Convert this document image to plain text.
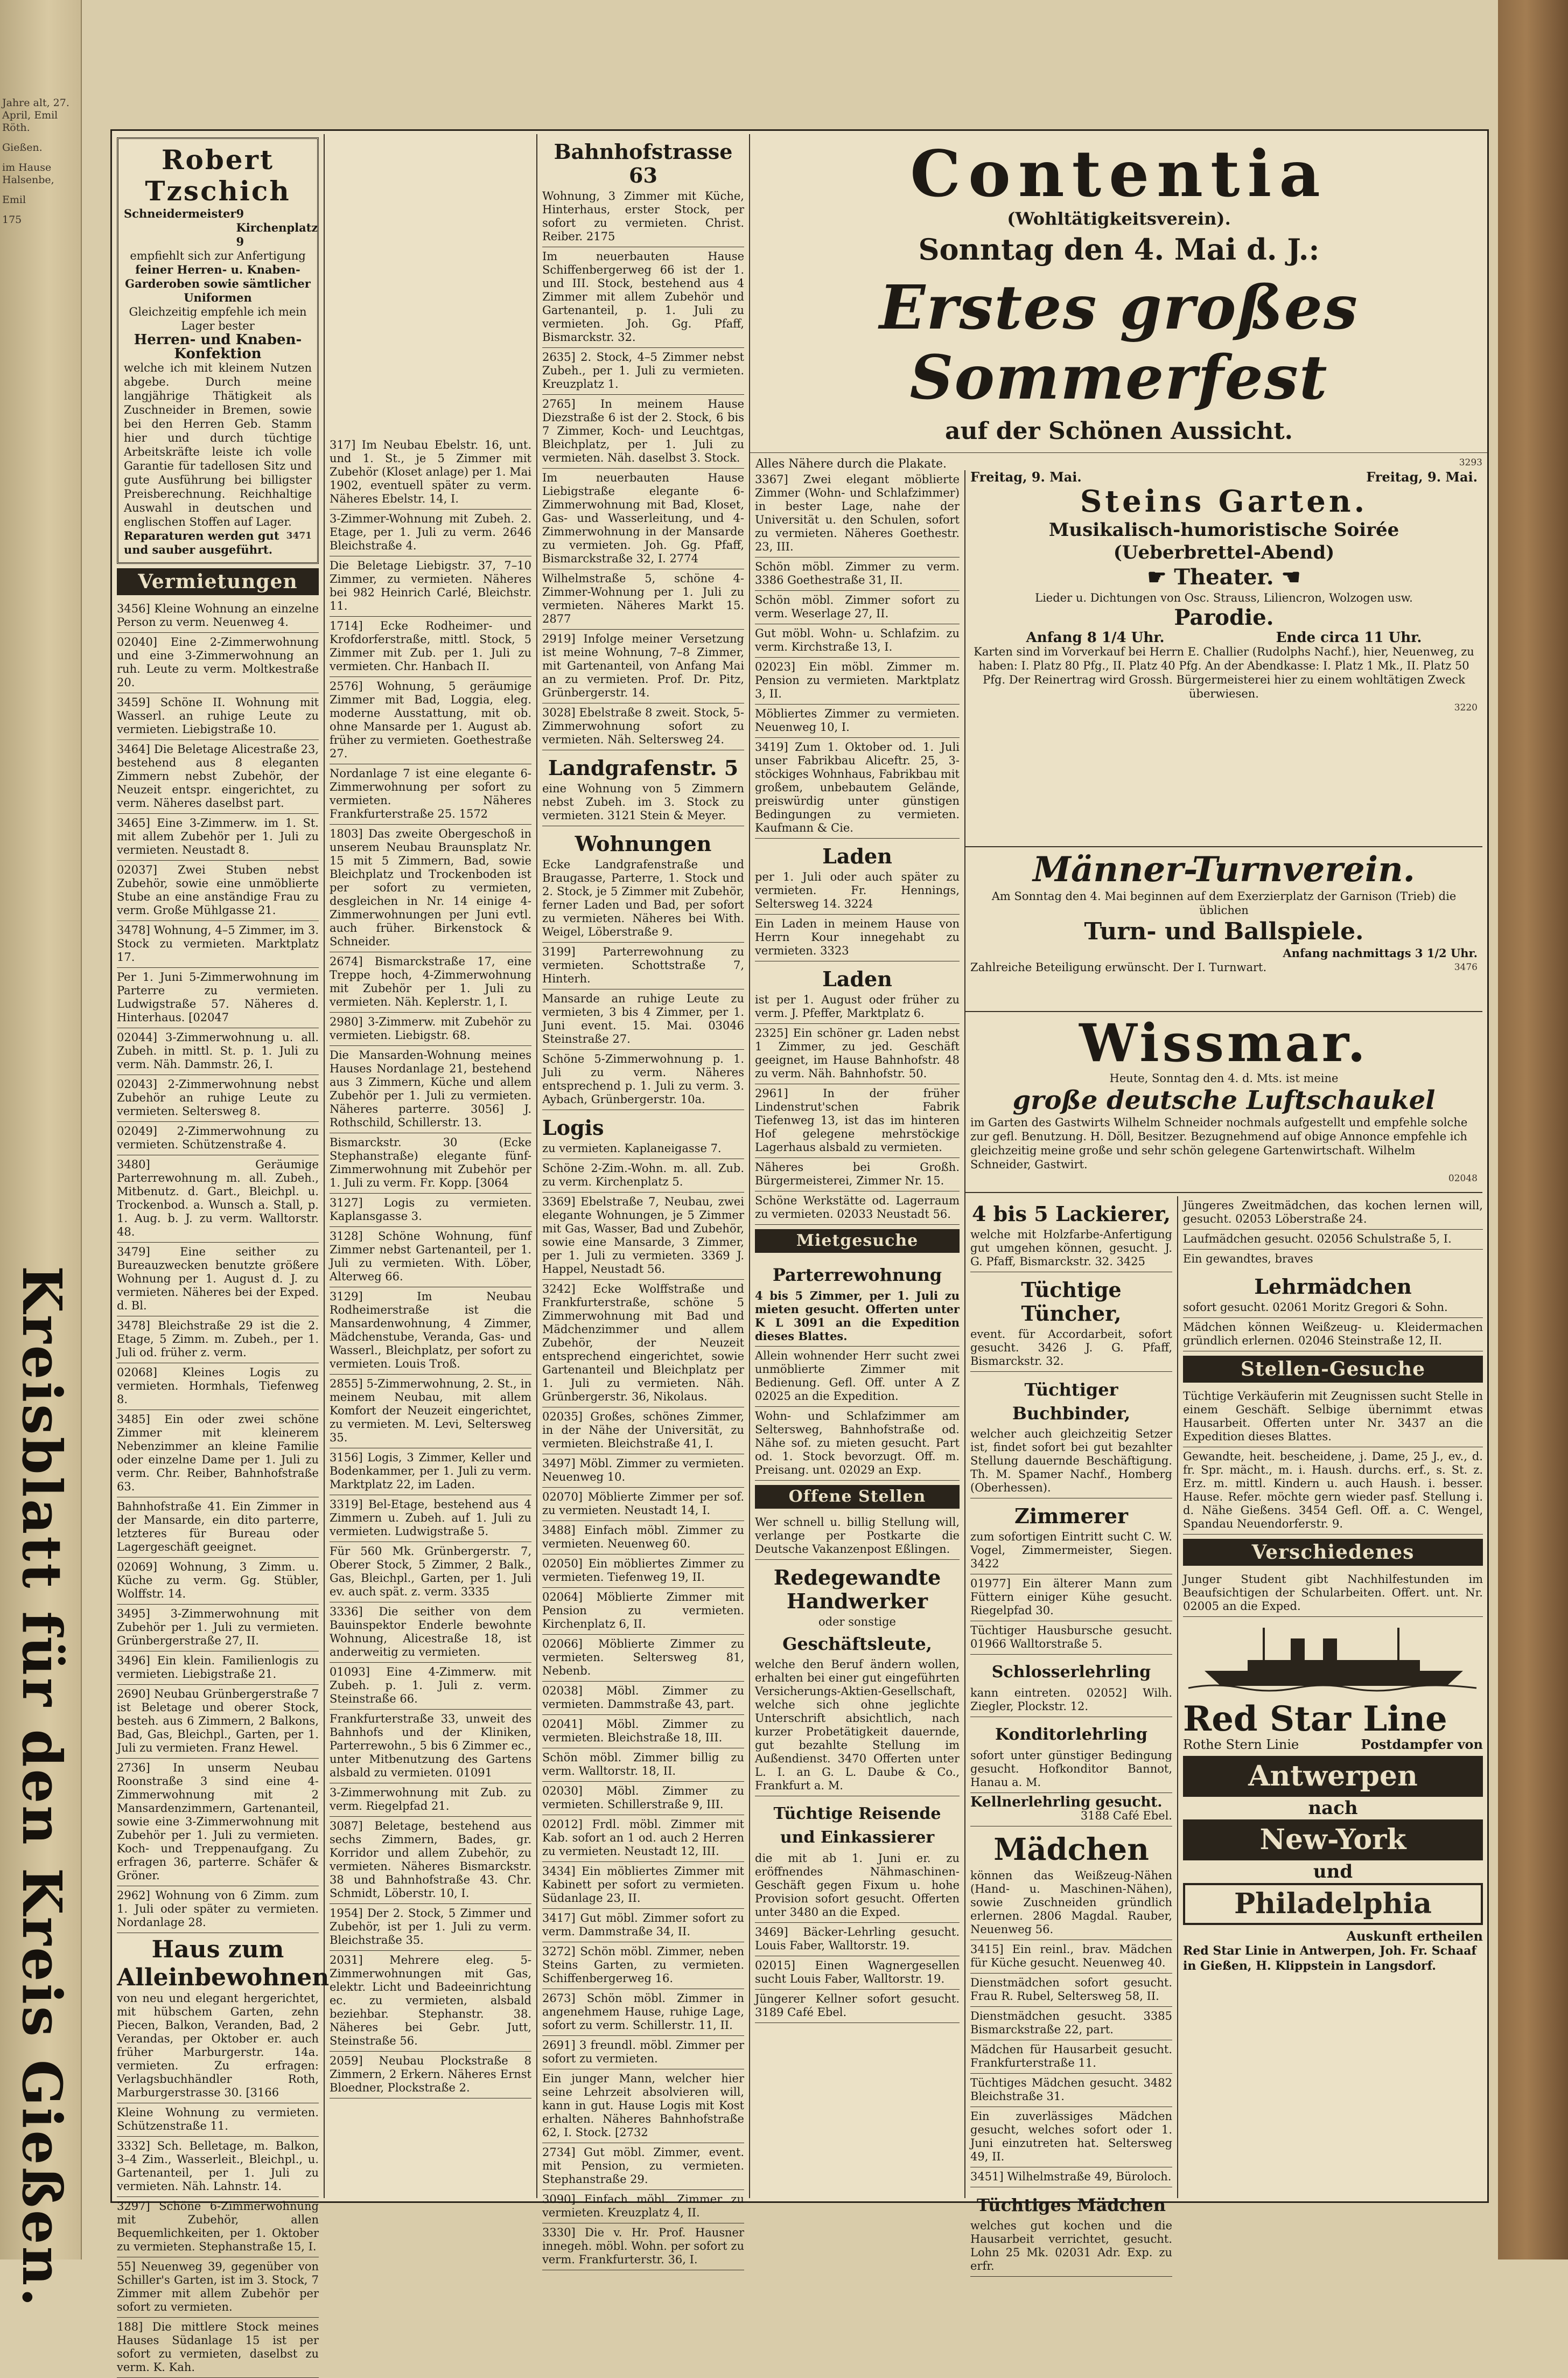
Jahre alt, 27. April, Emil Röth.
Gießen.
im Hause Halsenbe,
Emil
175
Kreisblatt für den Kreis Gießen.
Robert Tzschich
Schneidermeister 9 Kirchenplatz 9
empfiehlt sich zur Anfertigung
feiner Herren- u. Knaben-Garderoben sowie sämtlicher Uniformen
Gleichzeitig empfehle ich mein Lager bester
Herren- und Knaben-Konfektion
welche ich mit kleinem Nutzen abgebe. Durch meine langjährige Thätigkeit als Zuschneider in Bremen, sowie bei den Herren Geb. Stamm hier und durch tüchtige Arbeitskräfte leiste ich volle Garantie für tadellosen Sitz und gute Ausführung bei billigster Preisberechnung. Reichhaltige Auswahl in deutschen und englischen Stoffen auf Lager.
Reparaturen werden gut und sauber ausgeführt.
3471
Vermietungen
3456] Kleine Wohnung an einzelne Person zu verm. Neuenweg 4.
02040] Eine 2-Zimmerwohnung und eine 3-Zimmerwohnung an ruh. Leute zu verm. Moltkestraße 20.
3459] Schöne II. Wohnung mit Wasserl. an ruhige Leute zu vermieten. Liebigstraße 10.
3464] Die Beletage Alicestraße 23, bestehend aus 8 eleganten Zimmern nebst Zubehör, der Neuzeit entspr. eingerichtet, zu verm. Näheres daselbst part.
3465] Eine 3-Zimmerw. im 1. St. mit allem Zubehör per 1. Juli zu vermieten. Neustadt 8.
02037] Zwei Stuben nebst Zubehör, sowie eine unmöblierte Stube an eine anständige Frau zu verm. Große Mühlgasse 21.
3478] Wohnung, 4–5 Zimmer, im 3. Stock zu vermieten. Marktplatz 17.
Per 1. Juni 5-Zimmerwohnung im Parterre zu vermieten. Ludwigstraße 57. Näheres d. Hinterhaus. [02047
02044] 3-Zimmerwohnung u. all. Zubeh. in mittl. St. p. 1. Juli zu verm. Näh. Dammstr. 26, I.
02043] 2-Zimmerwohnung nebst Zubehör an ruhige Leute zu vermieten. Seltersweg 8.
02049] 2-Zimmerwohnung zu vermieten. Schützenstraße 4.
3480] Geräumige Parterrewohnung m. all. Zubeh., Mitbenutz. d. Gart., Bleichpl. u. Trockenbod. a. Wunsch a. Stall, p. 1. Aug. b. J. zu verm. Walltorstr. 48.
3479] Eine seither zu Bureauzwecken benutzte größere Wohnung per 1. August d. J. zu vermieten. Näheres bei der Exped. d. Bl.
3478] Bleichstraße 29 ist die 2. Etage, 5 Zimm. m. Zubeh., per 1. Juli od. früher z. verm.
02068] Kleines Logis zu vermieten. Hormhals, Tiefenweg 8.
3485] Ein oder zwei schöne Zimmer mit kleinerem Nebenzimmer an kleine Familie oder einzelne Dame per 1. Juli zu verm. Chr. Reiber, Bahnhofstraße 63.
Bahnhofstraße 41. Ein Zimmer in der Mansarde, ein dito parterre, letzteres für Bureau oder Lagergeschäft geeignet.
02069] Wohnung, 3 Zimm. u. Küche zu verm. Gg. Stübler, Wolffstr. 14.
3495] 3-Zimmerwohnung mit Zubehör per 1. Juli zu vermieten. Grünbergerstraße 27, II.
3496] Ein klein. Familienlogis zu vermieten. Liebigstraße 21.
2690] Neubau Grünbergerstraße 7 ist Beletage und oberer Stock, besteh. aus 6 Zimmern, 2 Balkons, Bad, Gas, Bleichpl., Garten, per 1. Juli zu vermieten. Franz Hewel.
2736] In unserm Neubau Roonstraße 3 sind eine 4-Zimmerwohnung mit 2 Mansardenzimmern, Gartenanteil, sowie eine 3-Zimmerwohnung mit Zubehör per 1. Juli zu vermieten. Koch- und Treppenaufgang. Zu erfragen 36, parterre. Schäfer & Gröner.
2962] Wohnung von 6 Zimm. zum 1. Juli oder später zu vermieten. Nordanlage 28.
Haus zum Alleinbewohnen
von neu und elegant hergerichtet, mit hübschem Garten, zehn Piecen, Balkon, Veranden, Bad, 2 Verandas, per Oktober er. auch früher Marburgerstr. 14a. vermieten. Zu erfragen: Verlagsbuchhändler Roth, Marburgerstrasse 30. [3166
Kleine Wohnung zu vermieten. Schützenstraße 11.
3332] Sch. Belletage, m. Balkon, 3–4 Zim., Wasserleit., Bleichpl., u. Gartenanteil, per 1. Juli zu vermieten. Näh. Lahnstr. 14.
3297] Schöne 6-Zimmerwohnung mit Zubehör, allen Bequemlichkeiten, per 1. Oktober zu vermieten. Stephanstraße 15, I.
55] Neuenweg 39, gegenüber von Schiller's Garten, ist im 3. Stock, 7 Zimmer mit allem Zubehör per sofort zu vermieten.
188] Die mittlere Stock meines Hauses Südanlage 15 ist per sofort zu vermieten, daselbst zu verm. K. Kah.
317] Im Neubau Ebelstr. 16, unt. und 1. St., je 5 Zimmer mit Zubehör (Kloset anlage) per 1. Mai 1902, eventuell später zu verm. Näheres Ebelstr. 14, I.
3-Zimmer-Wohnung mit Zubeh. 2. Etage, per 1. Juli zu verm. 2646 Bleichstraße 4.
Die Beletage Liebigstr. 37, 7–10 Zimmer, zu vermieten. Näheres bei 982 Heinrich Carlé, Bleichstr. 11.
1714] Ecke Rodheimer- und Krofdorferstraße, mittl. Stock, 5 Zimmer mit Zub. per 1. Juli zu vermieten. Chr. Hanbach II.
2576] Wohnung, 5 geräumige Zimmer mit Bad, Loggia, eleg. moderne Ausstattung, mit ob. ohne Mansarde per 1. August ab. früher zu vermieten. Goethestraße 27.
Nordanlage 7 ist eine elegante 6-Zimmerwohnung per sofort zu vermieten. Näheres Frankfurterstraße 25. 1572
1803] Das zweite Obergeschoß in unserem Neubau Braunsplatz Nr. 15 mit 5 Zimmern, Bad, sowie Bleichplatz und Trockenboden ist per sofort zu vermieten, desgleichen in Nr. 14 einige 4-Zimmerwohnungen per Juni evtl. auch früher. Birkenstock & Schneider.
2674] Bismarckstraße 17, eine Treppe hoch, 4-Zimmerwohnung mit Zubehör per 1. Juli zu vermieten. Näh. Keplerstr. 1, I.
2980] 3-Zimmerw. mit Zubehör zu vermieten. Liebigstr. 68.
Die Mansarden-Wohnung meines Hauses Nordanlage 21, bestehend aus 3 Zimmern, Küche und allem Zubehör per 1. Juli zu vermieten. Näheres parterre. 3056] J. Rothschild, Schillerstr. 13.
Bismarckstr. 30 (Ecke Stephanstraße) elegante fünf-Zimmerwohnung mit Zubehör per 1. Juli zu verm. Fr. Kopp. [3064
3127] Logis zu vermieten. Kaplansgasse 3.
3128] Schöne Wohnung, fünf Zimmer nebst Gartenanteil, per 1. Juli zu vermieten. With. Löber, Alterweg 66.
3129] Im Neubau Rodheimerstraße ist die Mansardenwohnung, 4 Zimmer, Mädchenstube, Veranda, Gas- und Wasserl., Bleichplatz, per sofort zu vermieten. Louis Troß.
2855] 5-Zimmerwohnung, 2. St., in meinem Neubau, mit allem Komfort der Neuzeit eingerichtet, zu vermieten. M. Levi, Seltersweg 35.
3156] Logis, 3 Zimmer, Keller und Bodenkammer, per 1. Juli zu verm. Marktplatz 22, im Laden.
3319] Bel-Etage, bestehend aus 4 Zimmern u. Zubeh. auf 1. Juli zu vermieten. Ludwigstraße 5.
Für 560 Mk. Grünbergerstr. 7, Oberer Stock, 5 Zimmer, 2 Balk., Gas, Bleichpl., Garten, per 1. Juli ev. auch spät. z. verm. 3335
3336] Die seither von dem Bauinspektor Enderle bewohnte Wohnung, Alicestraße 18, ist anderweitig zu vermieten.
01093] Eine 4-Zimmerw. mit Zubeh. p. 1. Juli z. verm. Steinstraße 66.
Frankfurterstraße 33, unweit des Bahnhofs und der Kliniken, Parterrewohn., 5 bis 6 Zimmer ec., unter Mitbenutzung des Gartens alsbald zu vermieten. 01091
3-Zimmerwohnung mit Zub. zu verm. Riegelpfad 21.
3087] Beletage, bestehend aus sechs Zimmern, Bades, gr. Korridor und allem Zubehör, zu vermieten. Näheres Bismarckstr. 38 und Bahnhofstraße 43. Chr. Schmidt, Löberstr. 10, I.
1954] Der 2. Stock, 5 Zimmer und Zubehör, ist per 1. Juli zu verm. Bleichstraße 35.
2031] Mehrere eleg. 5-Zimmerwohnungen mit Gas, elektr. Licht und Badeeinrichtung ec. zu vermieten, alsbald beziehbar. Stephanstr. 38. Näheres bei Gebr. Jutt, Steinstraße 56.
2059] Neubau Plockstraße 8 Zimmern, 2 Erkern. Näheres Ernst Bloedner, Plockstraße 2.
Bahnhofstrasse 63
Wohnung, 3 Zimmer mit Küche, Hinterhaus, erster Stock, per sofort zu vermieten. Christ. Reiber. 2175
Im neuerbauten Hause Schiffenbergerweg 66 ist der 1. und III. Stock, bestehend aus 4 Zimmer mit allem Zubehör und Gartenanteil, p. 1. Juli zu vermieten. Joh. Gg. Pfaff, Bismarckstr. 32.
2635] 2. Stock, 4–5 Zimmer nebst Zubeh., per 1. Juli zu vermieten. Kreuzplatz 1.
2765] In meinem Hause Diezstraße 6 ist der 2. Stock, 6 bis 7 Zimmer, Koch- und Leuchtgas, Bleichplatz, per 1. Juli zu vermieten. Näh. daselbst 3. Stock.
Im neuerbauten Hause Liebigstraße elegante 6-Zimmerwohnung mit Bad, Kloset, Gas- und Wasserleitung, und 4-Zimmerwohnung in der Mansarde zu vermieten. Joh. Gg. Pfaff, Bismarckstraße 32, I. 2774
Wilhelmstraße 5, schöne 4-Zimmer-Wohnung per 1. Juli zu vermieten. Näheres Markt 15. 2877
2919] Infolge meiner Versetzung ist meine Wohnung, 7–8 Zimmer, mit Gartenanteil, von Anfang Mai an zu vermieten. Prof. Dr. Pitz, Grünbergerstr. 14.
3028] Ebelstraße 8 zweit. Stock, 5-Zimmerwohnung sofort zu vermieten. Näh. Seltersweg 24.
Landgrafenstr. 5
eine Wohnung von 5 Zimmern nebst Zubeh. im 3. Stock zu vermieten. 3121 Stein & Meyer.
Wohnungen
Ecke Landgrafenstraße und Braugasse, Parterre, 1. Stock und 2. Stock, je 5 Zimmer mit Zubehör, ferner Laden und Bad, per sofort zu vermieten. Näheres bei With. Weigel, Löberstraße 9.
3199] Parterrewohnung zu vermieten. Schottstraße 7, Hinterh.
Mansarde an ruhige Leute zu vermieten, 3 bis 4 Zimmer, per 1. Juni event. 15. Mai. 03046 Steinstraße 27.
Schöne 5-Zimmerwohnung p. 1. Juli zu verm. Näheres entsprechend p. 1. Juli zu verm. 3. Aybach, Grünbergerstr. 10a.
Logis
zu vermieten. Kaplaneigasse 7.
Schöne 2-Zim.-Wohn. m. all. Zub. zu verm. Kirchenplatz 5.
3369] Ebelstraße 7, Neubau, zwei elegante Wohnungen, je 5 Zimmer mit Gas, Wasser, Bad und Zubehör, sowie eine Mansarde, 3 Zimmer, per 1. Juli zu vermieten. 3369 J. Happel, Neustadt 56.
3242] Ecke Wolffstraße und Frankfurterstraße, schöne 5 Zimmerwohnung mit Bad und Mädchenzimmer und allem Zubehör, der Neuzeit entsprechend eingerichtet, sowie Gartenanteil und Bleichplatz per 1. Juli zu vermieten. Näh. Grünbergerstr. 36, Nikolaus.
02035] Großes, schönes Zimmer, in der Nähe der Universität, zu vermieten. Bleichstraße 41, I.
3497] Möbl. Zimmer zu vermieten. Neuenweg 10.
02070] Möblierte Zimmer per sof. zu vermieten. Neustadt 14, I.
3488] Einfach möbl. Zimmer zu vermieten. Neuenweg 60.
02050] Ein möbliertes Zimmer zu vermieten. Tiefenweg 19, II.
02064] Möblierte Zimmer mit Pension zu vermieten. Kirchenplatz 6, II.
02066] Möblierte Zimmer zu vermieten. Seltersweg 81, Nebenb.
02038] Möbl. Zimmer zu vermieten. Dammstraße 43, part.
02041] Möbl. Zimmer zu vermieten. Bleichstraße 18, III.
Schön möbl. Zimmer billig zu verm. Walltorstr. 18, II.
02030] Möbl. Zimmer zu vermieten. Schillerstraße 9, III.
02012] Frdl. möbl. Zimmer mit Kab. sofort an 1 od. auch 2 Herren zu vermieten. Neustadt 12, III.
3434] Ein möbliertes Zimmer mit Kabinett per sofort zu vermieten. Südanlage 23, II.
3417] Gut möbl. Zimmer sofort zu verm. Dammstraße 34, II.
3272] Schön möbl. Zimmer, neben Steins Garten, zu vermieten. Schiffenbergerweg 16.
2673] Schön möbl. Zimmer in angenehmem Hause, ruhige Lage, sofort zu verm. Schillerstr. 11, II.
2691] 3 freundl. möbl. Zimmer per sofort zu vermieten.
Ein junger Mann, welcher hier seine Lehrzeit absolvieren will, kann in gut. Hause Logis mit Kost erhalten. Näheres Bahnhofstraße 62, I. Stock. [2732
2734] Gut möbl. Zimmer, event. mit Pension, zu vermieten. Stephanstraße 29.
3090] Einfach möbl. Zimmer zu vermieten. Kreuzplatz 4, II.
3330] Die v. Hr. Prof. Hausner innegeh. möbl. Wohn. per sofort zu verm. Frankfurterstr. 36, I.
Contentia
(Wohltätigkeitsverein).
Sonntag den 4. Mai d. J.:
Erstes großes Sommerfest
auf der Schönen Aussicht.
Alles Nähere durch die Plakate.	3293
3367] Zwei elegant möblierte Zimmer (Wohn- und Schlafzimmer) in bester Lage, nahe der Universität u. den Schulen, sofort zu vermieten. Näheres Goethestr. 23, III.
Schön möbl. Zimmer zu verm. 3386 Goethestraße 31, II.
Schön möbl. Zimmer sofort zu verm. Weserlage 27, II.
Gut möbl. Wohn- u. Schlafzim. zu verm. Kirchstraße 13, I.
02023] Ein möbl. Zimmer m. Pension zu vermieten. Marktplatz 3, II.
Möbliertes Zimmer zu vermieten. Neuenweg 10, I.
3419] Zum 1. Oktober od. 1. Juli unser Fabrikbau Aliceftr. 25, 3-stöckiges Wohnhaus, Fabrikbau mit großem, unbebautem Gelände, preiswürdig unter günstigen Bedingungen zu vermieten. Kaufmann & Cie.
Laden
per 1. Juli oder auch später zu vermieten. Fr. Hennings, Seltersweg 14. 3224
Ein Laden in meinem Hause von Herrn Kour innegehabt zu vermieten. 3323
Laden
ist per 1. August oder früher zu verm. J. Pfeffer, Marktplatz 6.
2325] Ein schöner gr. Laden nebst 1 Zimmer, zu jed. Geschäft geeignet, im Hause Bahnhofstr. 48 zu verm. Näh. Bahnhofstr. 50.
2961] In der früher Lindenstrut'schen Fabrik Tiefenweg 13, ist das im hinteren Hof gelegene mehrstöckige Lagerhaus alsbald zu vermieten.
Näheres bei Großh. Bürgermeisterei, Zimmer Nr. 15.
Schöne Werkstätte od. Lagerraum zu vermieten. 02033 Neustadt 56.
Mietgesuche
Parterrewohnung
4 bis 5 Zimmer, per 1. Juli zu mieten gesucht. Offerten unter K L 3091 an die Expedition dieses Blattes.
Allein wohnender Herr sucht zwei unmöblierte Zimmer mit Bedienung. Gefl. Off. unter A Z 02025 an die Expedition.
Wohn- und Schlafzimmer am Seltersweg, Bahnhofstraße od. Nähe sof. zu mieten gesucht. Part od. 1. Stock bevorzugt. Off. m. Preisang. unt. 02029 an Exp.
Offene Stellen
Wer schnell u. billig Stellung will, verlange per Postkarte die Deutsche Vakanzenpost Eßlingen.
Redegewandte Handwerker
oder sonstige
Geschäftsleute,
welche den Beruf ändern wollen, erhalten bei einer gut eingeführten Versicherungs-Aktien-Gesellschaft, welche sich ohne jeglichte Unterschrift absichtlich, nach kurzer Probetätigkeit dauernde, gut bezahlte Stellung im Außendienst. 3470 Offerten unter L. I. an G. L. Daube & Co., Frankfurt a. M.
Tüchtige Reisende und Einkassierer
die mit ab 1. Juni er. zu eröffnendes Nähmaschinen-Geschäft gegen Fixum u. hohe Provision sofort gesucht. Offerten unter 3480 an die Exped.
3469] Bäcker-Lehrling gesucht. Louis Faber, Walltorstr. 19.
02015] Einen Wagnergesellen sucht Louis Faber, Walltorstr. 19.
Jüngerer Kellner sofort gesucht. 3189 Café Ebel.
Freitag, 9. Mai.	Freitag, 9. Mai.
Steins Garten.
Musikalisch-humoristische Soirée
(Ueberbrettel-Abend)
☛ Theater. ☚
Lieder u. Dichtungen von Osc. Strauss, Liliencron, Wolzogen usw.
Parodie.
Anfang 8 1/4 Uhr.	Ende circa 11 Uhr.
Karten sind im Vorverkauf bei Herrn E. Challier (Rudolphs Nachf.), hier, Neuenweg, zu haben: I. Platz 80 Pfg., II. Platz 40 Pfg. An der Abendkasse: I. Platz 1 Mk., II. Platz 50 Pfg. Der Reinertrag wird Grossh. Bürgermeisterei hier zu einem wohltätigen Zweck überwiesen.
3220
Männer-Turnverein.
Am Sonntag den 4. Mai beginnen auf dem Exerzierplatz der Garnison (Trieb) die üblichen
Turn- und Ballspiele.
Anfang nachmittags 3 1/2 Uhr.
Zahlreiche Beteiligung erwünscht. Der I. Turnwart.	3476
Wissmar.
Heute, Sonntag den 4. d. Mts. ist meine
große deutsche Luftschaukel
im Garten des Gastwirts Wilhelm Schneider nochmals aufgestellt und empfehle solche zur gefl. Benutzung. H. Döll, Besitzer. Bezugnehmend auf obige Annonce empfehle ich gleichzeitig meine große und sehr schön gelegene Gartenwirtschaft. Wilhelm Schneider, Gastwirt.
02048
4 bis 5 Lackierer,
welche mit Holzfarbe-Anfertigung gut umgehen können, gesucht. J. G. Pfaff, Bismarckstr. 32. 3425
Tüchtige Tüncher,
event. für Accordarbeit, sofort gesucht. 3426 J. G. Pfaff, Bismarckstr. 32.
Tüchtiger Buchbinder,
welcher auch gleichzeitig Setzer ist, findet sofort bei gut bezahlter Stellung dauernde Beschäftigung. Th. M. Spamer Nachf., Homberg (Oberhessen).
Zimmerer
zum sofortigen Eintritt sucht C. W. Vogel, Zimmermeister, Siegen. 3422
01977] Ein älterer Mann zum Füttern einiger Kühe gesucht. Riegelpfad 30.
Tüchtiger Hausbursche gesucht. 01966 Walltorstraße 5.
Schlosserlehrling
kann eintreten. 02052] Wilh. Ziegler, Plockstr. 12.
Konditorlehrling
sofort unter günstiger Bedingung gesucht. Hofkonditor Bannot, Hanau a. M.
Kellnerlehrling gesucht.
3188 Café Ebel.
Mädchen
können das Weißzeug-Nähen (Hand- u. Maschinen-Nähen), sowie Zuschneiden gründlich erlernen. 2806 Magdal. Rauber, Neuenweg 56.
3415] Ein reinl., brav. Mädchen für Küche gesucht. Neuenweg 40.
Dienstmädchen sofort gesucht. Frau R. Rubel, Seltersweg 58, II.
Dienstmädchen gesucht. 3385 Bismarckstraße 22, part.
Mädchen für Hausarbeit gesucht. Frankfurterstraße 11.
Tüchtiges Mädchen gesucht. 3482 Bleichstraße 31.
Ein zuverlässiges Mädchen gesucht, welches sofort oder 1. Juni einzutreten hat. Seltersweg 49, II.
3451] Wilhelmstraße 49, Büroloch.
Tüchtiges Mädchen
welches gut kochen und die Hausarbeit verrichtet, gesucht. Lohn 25 Mk. 02031 Adr. Exp. zu erfr.
Jüngeres Zweitmädchen, das kochen lernen will, gesucht. 02053 Löberstraße 24.
Laufmädchen gesucht. 02056 Schulstraße 5, I.
Ein gewandtes, braves
Lehrmädchen
sofort gesucht. 02061 Moritz Gregori & Sohn.
Mädchen können Weißzeug- u. Kleidermachen gründlich erlernen. 02046 Steinstraße 12, II.
Stellen-Gesuche
Tüchtige Verkäuferin mit Zeugnissen sucht Stelle in einem Geschäft. Selbige übernimmt etwas Hausarbeit. Offerten unter Nr. 3437 an die Expedition dieses Blattes.
Gewandte, heit. bescheidene, j. Dame, 25 J., ev., d. fr. Spr. mächt., m. i. Haush. durchs. erf., s. St. z. Erz. m. mittl. Kindern u. auch Haush. i. besser. Hause. Refer. möchte gern wieder pasf. Stellung i. d. Nähe Gießens. 3454 Gefl. Off. a. C. Wengel, Spandau Neuendorferstr. 9.
Verschiedenes
Junger Student gibt Nachhilfestunden im Beaufsichtigen der Schularbeiten. Offert. unt. Nr. 02005 an die Exped.
Red Star Line
Rothe Stern Linie	Postdampfer von
Antwerpen
nach
New-York
und
Philadelphia
Auskunft ertheilen
Red Star Linie in Antwerpen, Joh. Fr. Schaaf in Gießen, H. Klippstein in Langsdorf.
